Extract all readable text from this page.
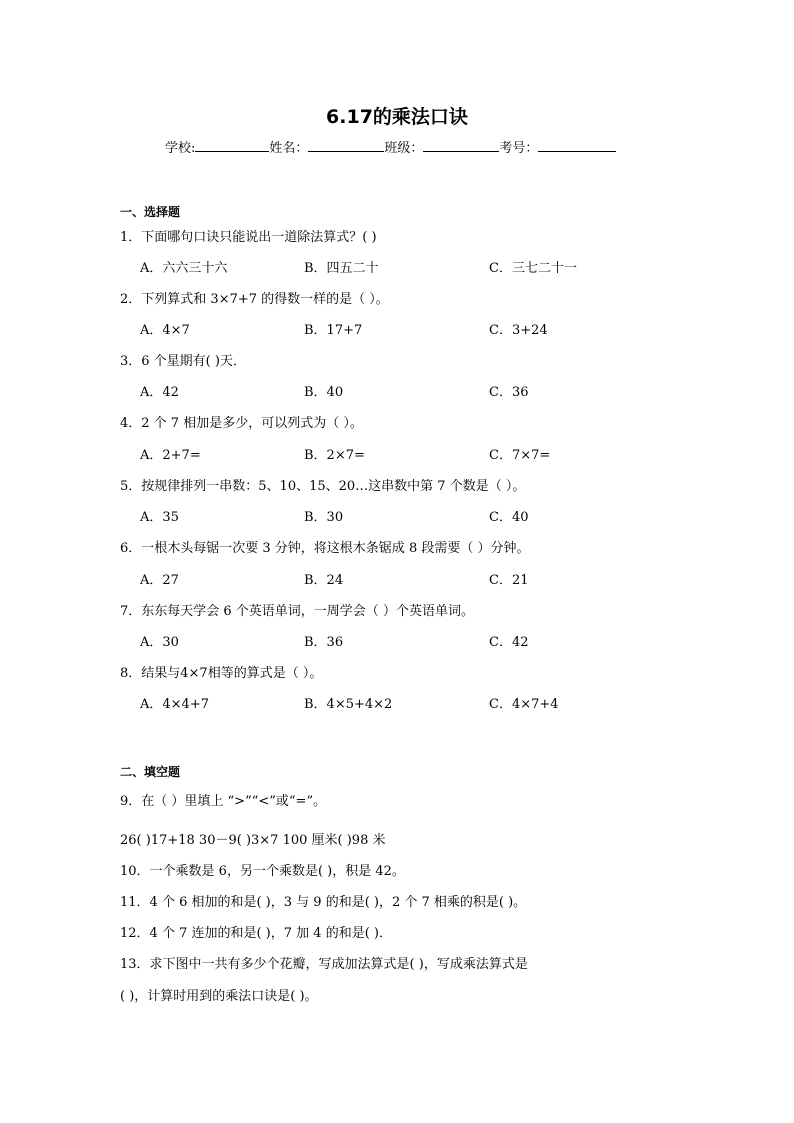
6.17的乘法口诀
学校:	姓名：	班级：	考号：
一、选择题
1．下面哪句口诀只能说出一道除法算式？( )
A．六六三十六	B．四五二十	C．三七二十一
2．下列算式和 3×7+7 的得数一样的是（ ）。
A．4×7	B．17+7	C．3+24
3．6 个星期有( )天．
A．42	B．40	C．36
4．2 个 7 相加是多少，可以列式为（ ）。
A．2+7=	B．2×7=	C．7×7=
5．按规律排列一串数：5、10、15、20…这串数中第 7 个数是（ ）。
A．35	B．30	C．40
6．一根木头每锯一次要 3 分钟，将这根木条锯成 8 段需要（ ）分钟。
A．27	B．24	C．21
7．东东每天学会 6 个英语单词，一周学会（ ）个英语单词。
A．30	B．36	C．42
8．结果与4×7相等的算式是（ ）。
A．4×4+7	B．4×5+4×2	C．4×7+4
二、填空题
9．在（ ）里填上 “>”“<”或“=”。
26( )17+18 30－9( )3×7 100 厘米( )98 米
10．一个乘数是 6，另一个乘数是( )，积是 42。
11．4 个 6 相加的和是( )，3 与 9 的和是( )，2 个 7 相乘的积是( )。
12．4 个 7 连加的和是( )，7 加 4 的和是( )．
13．求下图中一共有多少个花瓣，写成加法算式是( )，写成乘法算式是
( )，计算时用到的乘法口诀是( )。
